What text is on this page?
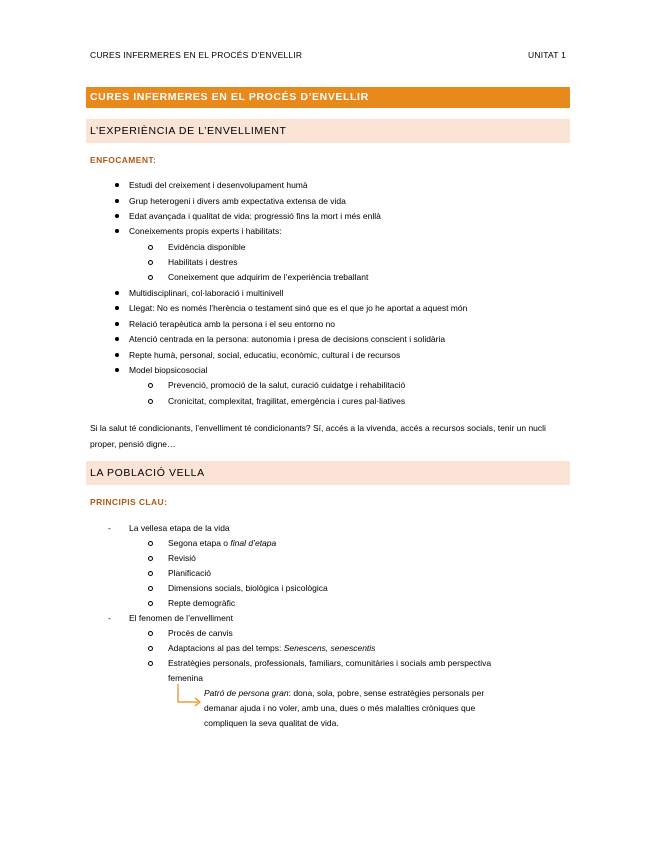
CURES INFERMERES EN EL PROCÉS D’ENVELLIR	UNITAT 1
CURES INFERMERES EN EL PROCÉS D’ENVELLIR
L’EXPERIÈNCIA DE L’ENVELLIMENT
ENFOCAMENT:
Estudi del creixement i desenvolupament humà
Grup heterogeni i divers amb expectativa extensa de vida
Edat avançada i qualitat de vida: progressió fins la mort i més enllà
Coneixements propis experts i habilitats:
Evidència disponible
Habilitats i destres
Coneixement que adquirim de l’experiència treballant
Multidisciplinari, col·laboració i multinivell
Llegat: No es només l’herència o testament sinó que es el que jo he aportat a aquest món
Relació terapèutica amb la persona i el seu entorno no
Atenció centrada en la persona: autonomia i presa de decisions conscient i solidària
Repte humà, personal, social, educatiu, econòmic, cultural i de recursos
Model biopsicosocial
Prevenció, promoció de la salut, curació cuidatge i rehabilitació
Cronicitat, complexitat, fragilitat, emergència i cures pal·liatives
Si la salut té condicionants, l’envelliment té condicionants? Sí, accés a la vivenda, accés a recursos socials, tenir un nucli proper, pensió digne…
LA POBLACIÓ VELLA
PRINCIPIS CLAU:
- La vellesa etapa de la vida
Segona etapa o final d’etapa
Revisió
Planificació
Dimensions socials, biològica i psicològica
Repte demogràfic
- El fenomen de l’envelliment
Procés de canvis
Adaptacions al pas del temps: Senescens, senescentis
Estratègies personals, professionals, familiars, comunitàries i socials amb perspectiva
femenina
Patró de persona gran: dona, sola, pobre, sense estratègies personals per
demanar ajuda i no voler, amb una, dues o més malalties cròniques que
compliquen la seva qualitat de vida.
